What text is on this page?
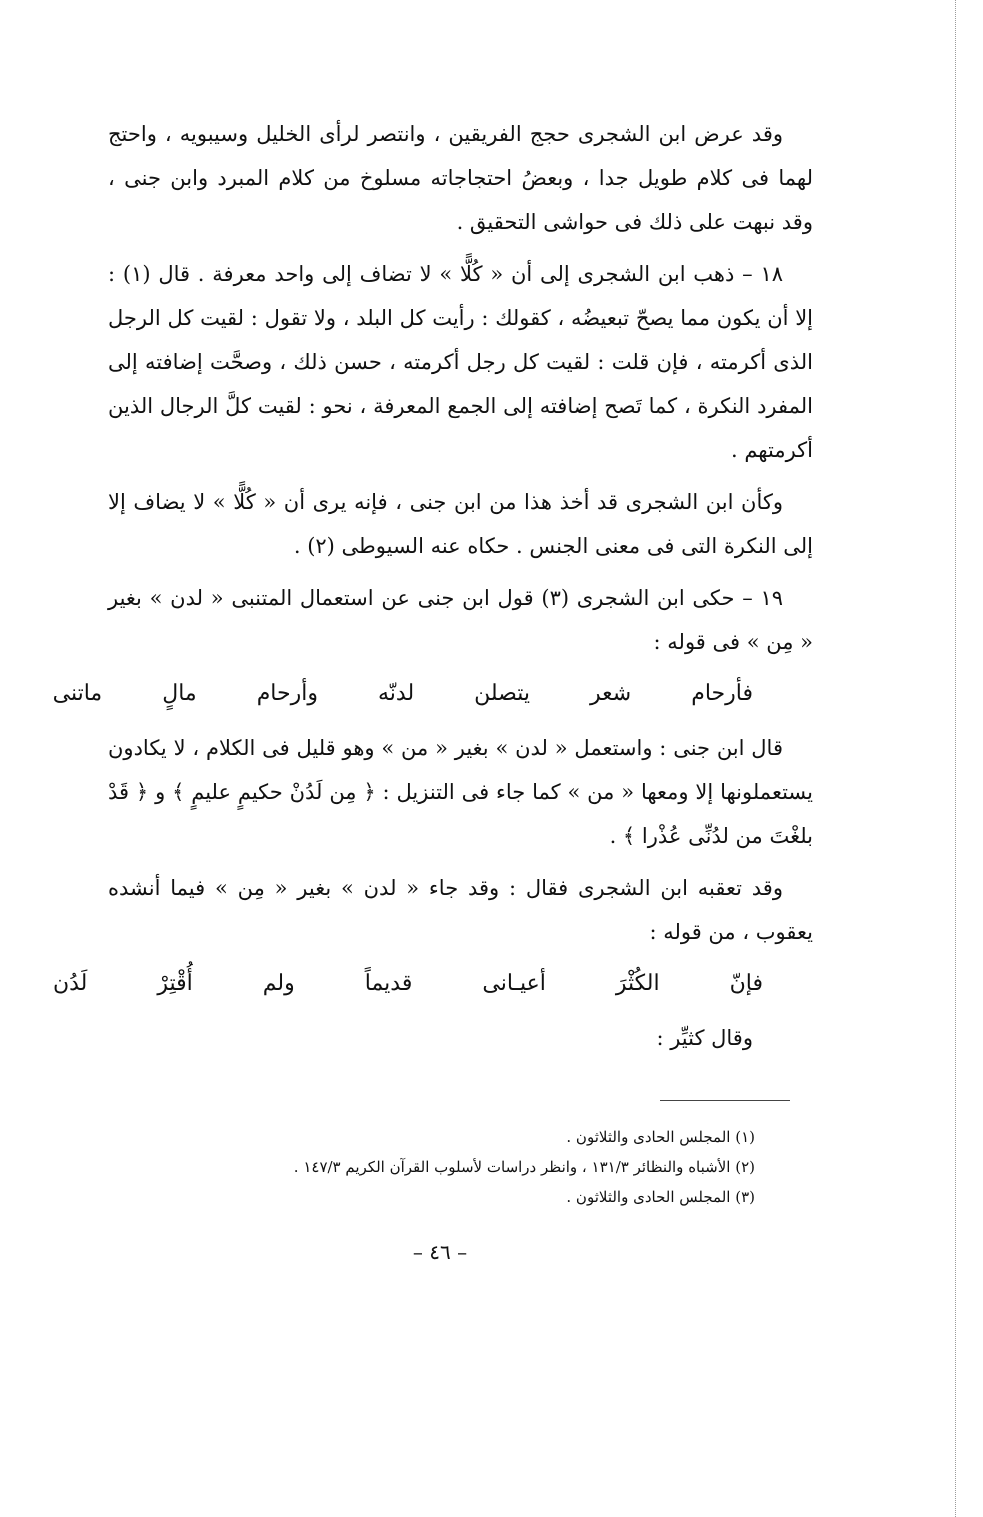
وقد عرض ابن الشجرى حجج الفريقين ، وانتصر لرأى الخليل وسيبويه ، واحتج لهما فى كلام طويل جدا ، وبعضُ احتجاجاته مسلوخ من كلام المبرد وابن جنى ، وقد نبهت على ذلك فى حواشى التحقيق .

١٨ – ذهب ابن الشجرى إلى أن « كُلًّا » لا تضاف إلى واحد معرفة . قال (١) : إلا أن يكون مما يصحّ تبعيضُه ، كقولك : رأيت كل البلد ، ولا تقول : لقيت كل الرجل الذى أكرمته ، فإن قلت : لقيت كل رجل أكرمته ، حسن ذلك ، وصحَّت إضافته إلى المفرد النكرة ، كما تَصح إضافته إلى الجمع المعرفة ، نحو : لقيت كلَّ الرجال الذين أكرمتهم .

وكأن ابن الشجرى قد أخذ هذا من ابن جنى ، فإنه يرى أن « كُلًّا » لا يضاف إلا إلى النكرة التى فى معنى الجنس . حكاه عنه السيوطى (٢) .

١٩ – حكى ابن الشجرى (٣) قول ابن جنى عن استعمال المتنبى « لدن » بغير « مِن » فى قوله :

فأرحام
شعر
يتصلن
لدنّه
وأرحام
مالٍ
ماتنى

قال ابن جنى : واستعمل « لدن » بغير « من » وهو قليل فى الكلام ، لا يكادون يستعملونها إلا ومعها « من » كما جاء فى التنزيل : ﴿ مِن لَدُنْ حكيمٍ عليمٍ ﴾ و ﴿ قَدْ بلغْتَ من لدُنِّى عُذْرا ﴾ .

وقد تعقبه ابن الشجرى فقال : وقد جاء « لدن » بغير « مِن » فيما أنشده يعقوب ، من قوله :

فإنّ
الكُثْرَ
أعيـانى
قديماً
ولم
أُقْتِرْ
لَدُن

وقال كثيِّر :

(١) المجلس الحادى والثلاثون .

(٢) الأشباه والنظائر ١٣١/٣ ، وانظر دراسات لأسلوب القرآن الكريم ١٤٧/٣ .

(٣) المجلس الحادى والثلاثون .

– ٤٦ –
